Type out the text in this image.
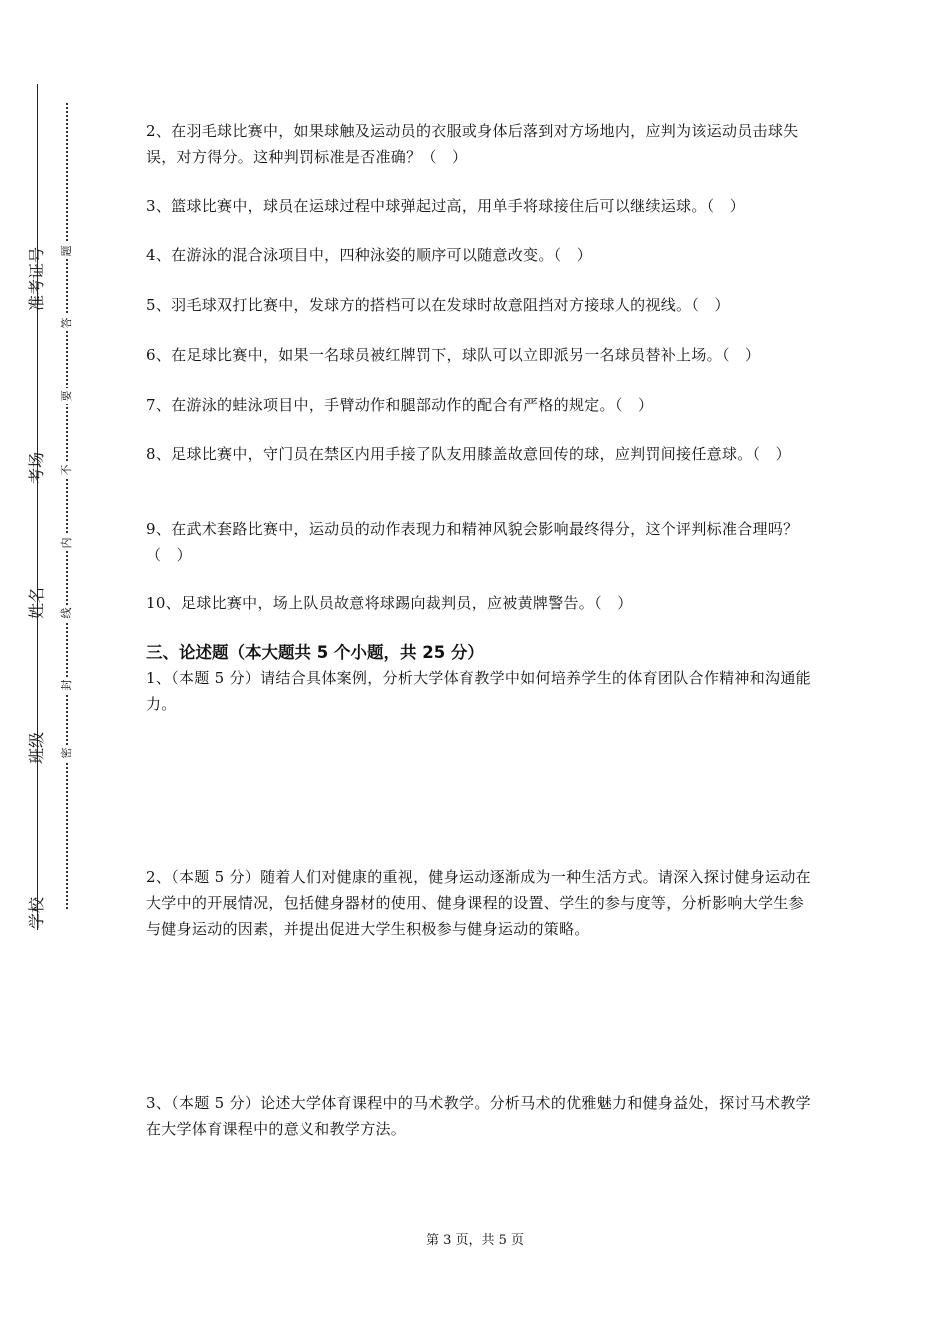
准考证号
考场
姓名
班级
学校
题
答
要
不
内
线
封
密

2、在羽毛球比赛中，如果球触及运动员的衣服或身体后落到对方场地内，应判为该运动员击球失误，对方得分。这种判罚标准是否准确？（　）

3、篮球比赛中，球员在运球过程中球弹起过高，用单手将球接住后可以继续运球。（　）

4、在游泳的混合泳项目中，四种泳姿的顺序可以随意改变。（　）

5、羽毛球双打比赛中，发球方的搭档可以在发球时故意阻挡对方接球人的视线。（　）

6、在足球比赛中，如果一名球员被红牌罚下，球队可以立即派另一名球员替补上场。（　）

7、在游泳的蛙泳项目中，手臂动作和腿部动作的配合有严格的规定。（　）

8、足球比赛中，守门员在禁区内用手接了队友用膝盖故意回传的球，应判罚间接任意球。（　）

9、在武术套路比赛中，运动员的动作表现力和精神风貌会影响最终得分，这个评判标准合理吗？（　）

10、足球比赛中，场上队员故意将球踢向裁判员，应被黄牌警告。（　）

三、论述题（本大题共 5 个小题，共 25 分）

1、（本题 5 分）请结合具体案例，分析大学体育教学中如何培养学生的体育团队合作精神和沟通能力。

2、（本题 5 分）随着人们对健康的重视，健身运动逐渐成为一种生活方式。请深入探讨健身运动在大学中的开展情况，包括健身器材的使用、健身课程的设置、学生的参与度等，分析影响大学生参与健身运动的因素，并提出促进大学生积极参与健身运动的策略。

3、（本题 5 分）论述大学体育课程中的马术教学。分析马术的优雅魅力和健身益处，探讨马术教学在大学体育课程中的意义和教学方法。

第 3 页，共 5 页
